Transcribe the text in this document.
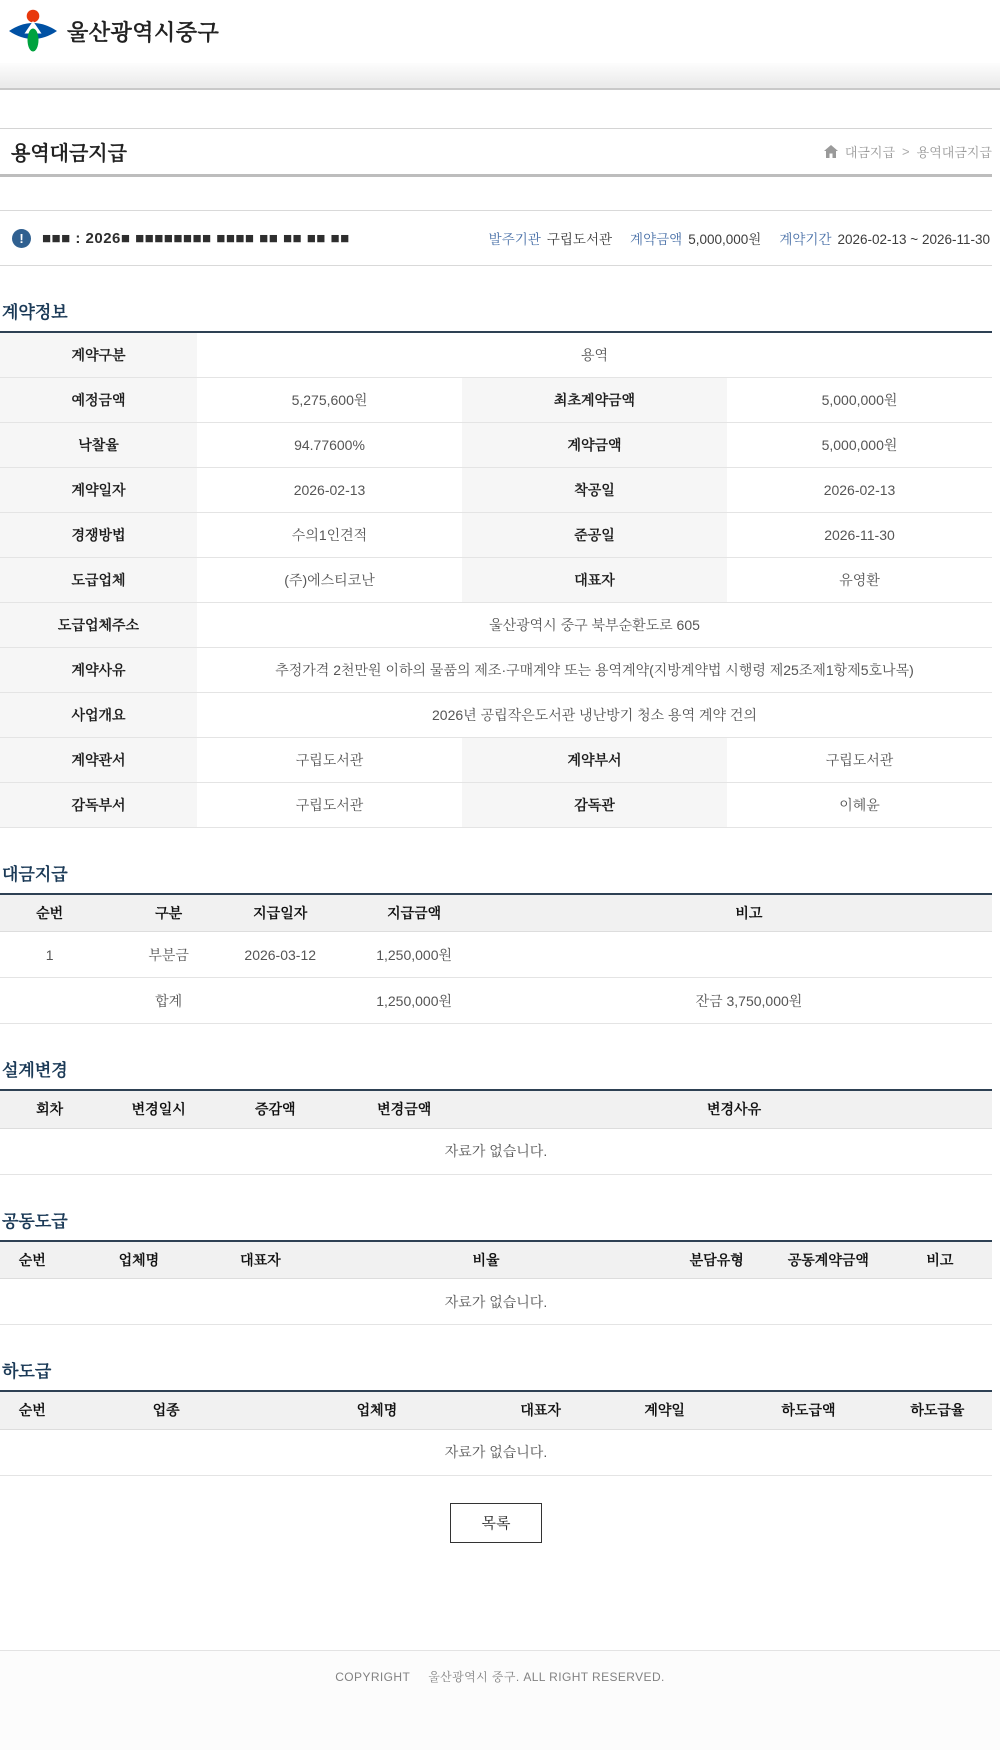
울산광역시중구
용역대금지급	대금지급 > 용역대금지급
!	■■■ : 2026■ ■■■■■■■■ ■■■■ ■■ ■■ ■■ ■■	발주기관 구립도서관 계약금액 5,000,000원 계약기간 2026-02-13 ~ 2026-11-30
계약정보
계약구분	용역		
예정금액	5,275,600원	최초계약금액	5,000,000원
낙찰율	94.77600%	계약금액	5,000,000원
계약일자	2026-02-13	착공일	2026-02-13
경쟁방법	수의1인견적	준공일	2026-11-30
도급업체	(주)에스티코난	대표자	유영환
도급업체주소	울산광역시 중구 북부순환도로 605		
계약사유	추정가격 2천만원 이하의 물품의 제조·구매계약 또는 용역계약(지방계약법 시행령 제25조제1항제5호나목)		
사업개요	2026년 공립작은도서관 냉난방기 청소 용역 계약 건의		
계약관서	구립도서관	계약부서	구립도서관
감독부서	구립도서관	감독관	이혜윤
대금지급
순번	구분	지급일자	지급금액	비고
1	부분금	2026-03-12	1,250,000원	
	합계		1,250,000원	잔금 3,750,000원
설계변경
회차	변경일시	증감액	변경금액	변경사유
자료가 없습니다.
공동도급
순번	업체명	대표자	비율	분담유형	공동계약금액	비고
자료가 없습니다.
하도급
순번	업종	업체명	대표자	계약일	하도급액	하도급율
자료가 없습니다.
목록
COPYRIGHT 울산광역시 중구. ALL RIGHT RESERVED.
